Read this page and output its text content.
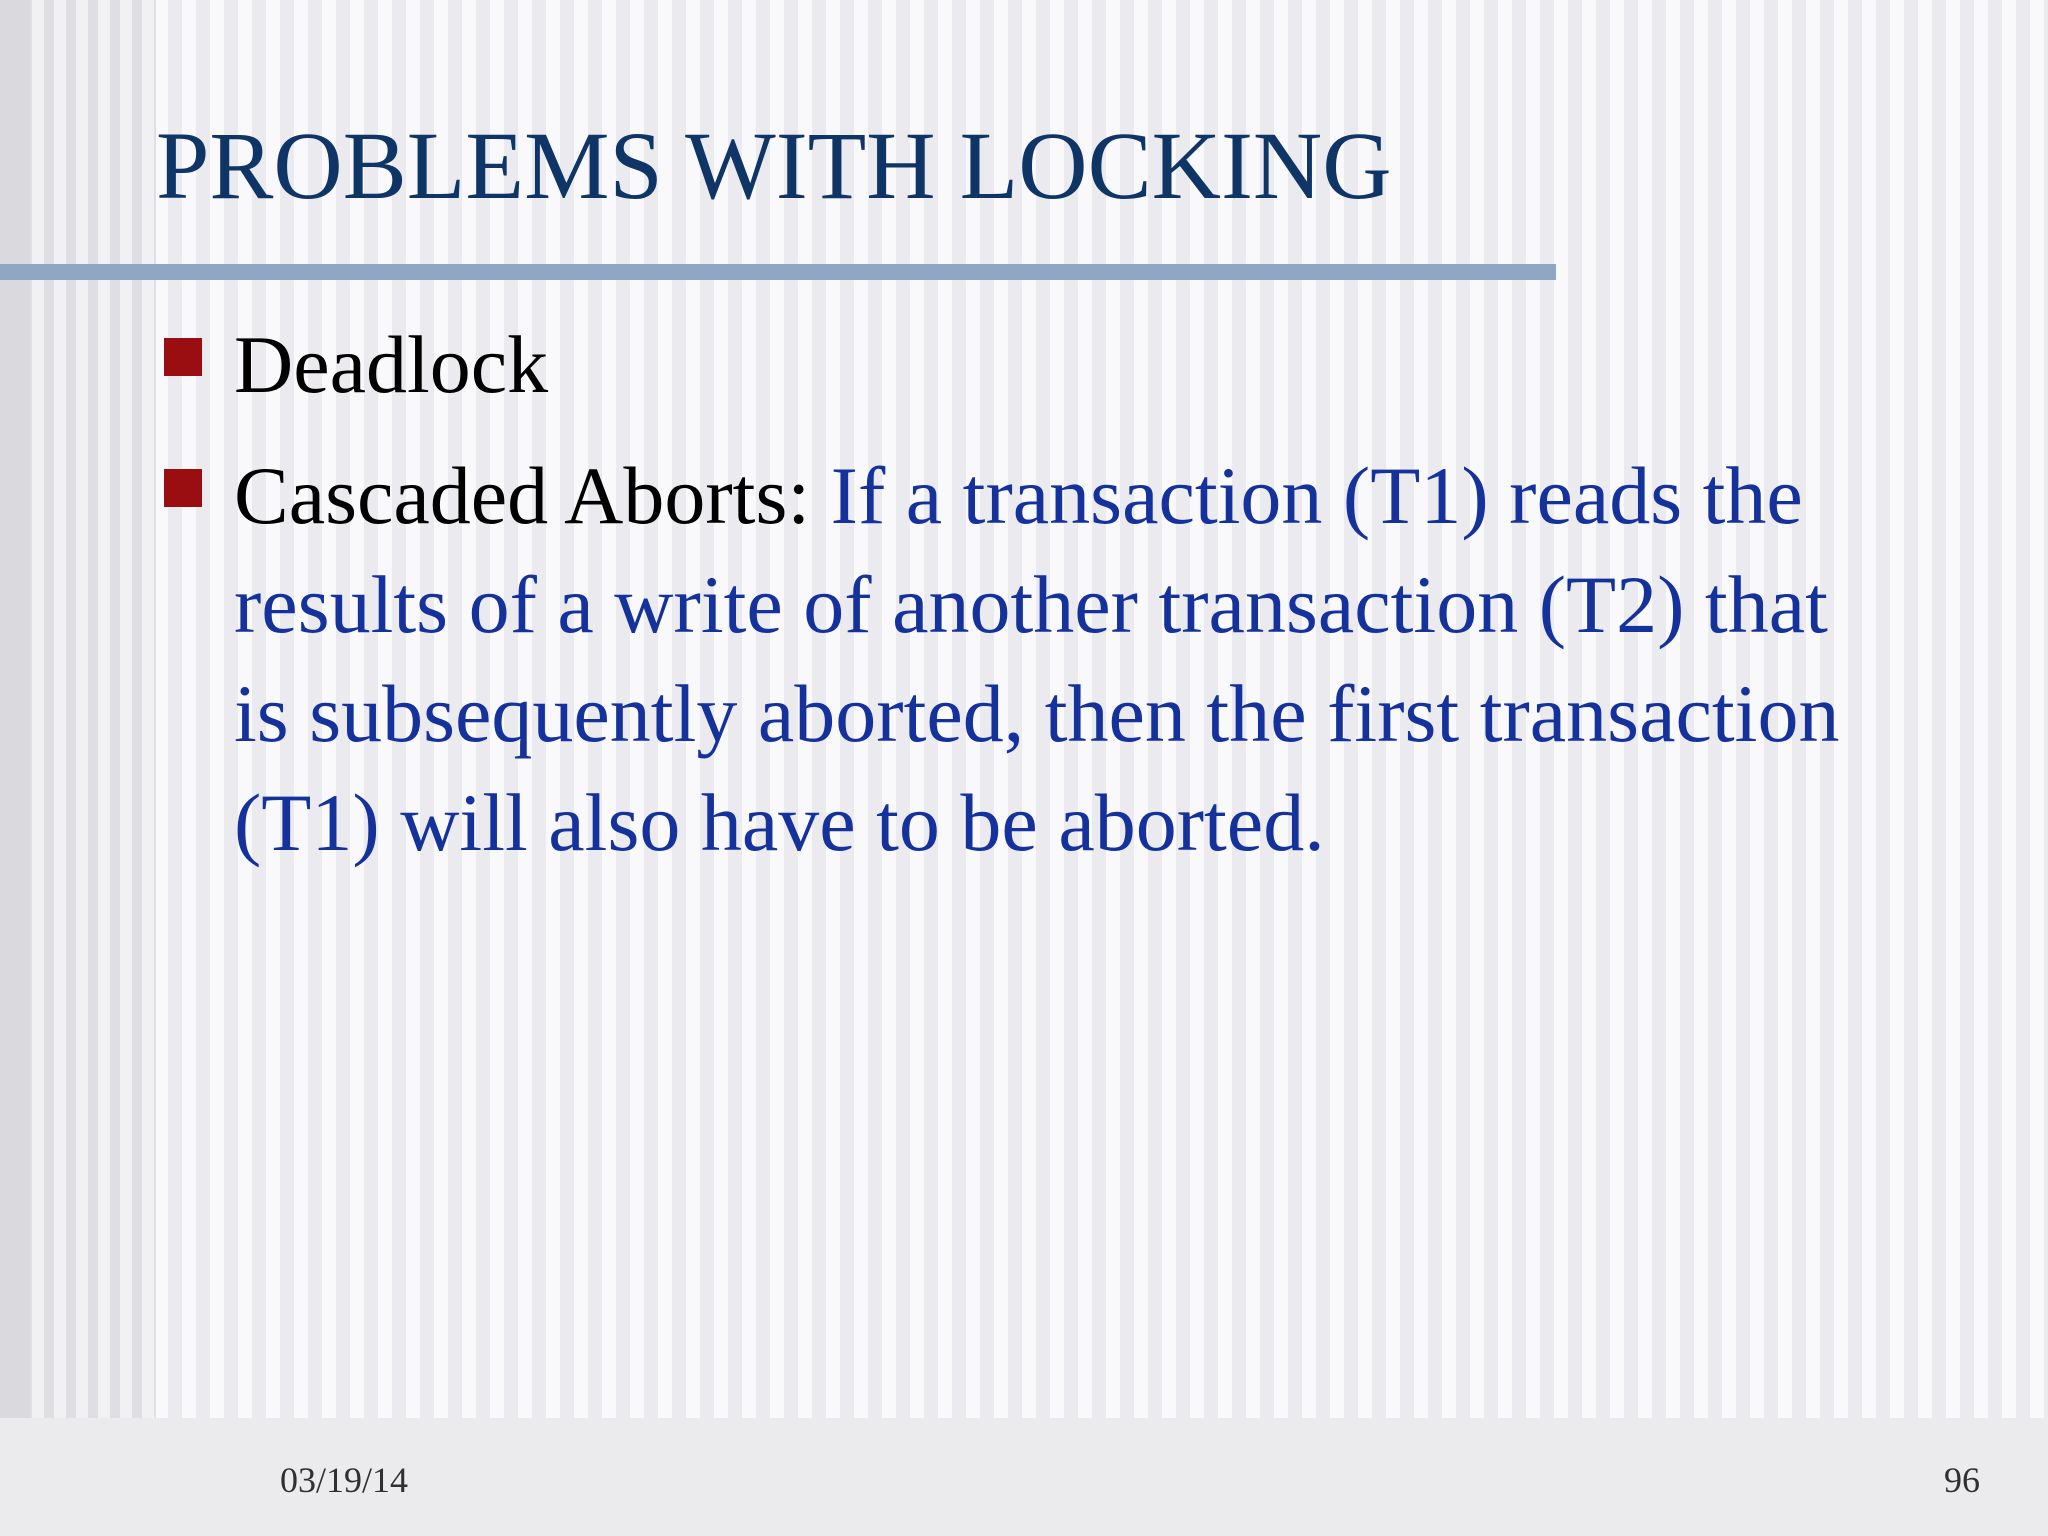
PROBLEMS WITH LOCKING
Deadlock
Cascaded Aborts: If a transaction (T1) reads the results of a write of another transaction (T2) that is subsequently aborted, then the first transaction (T1) will also have to be aborted.
03/19/14	96
